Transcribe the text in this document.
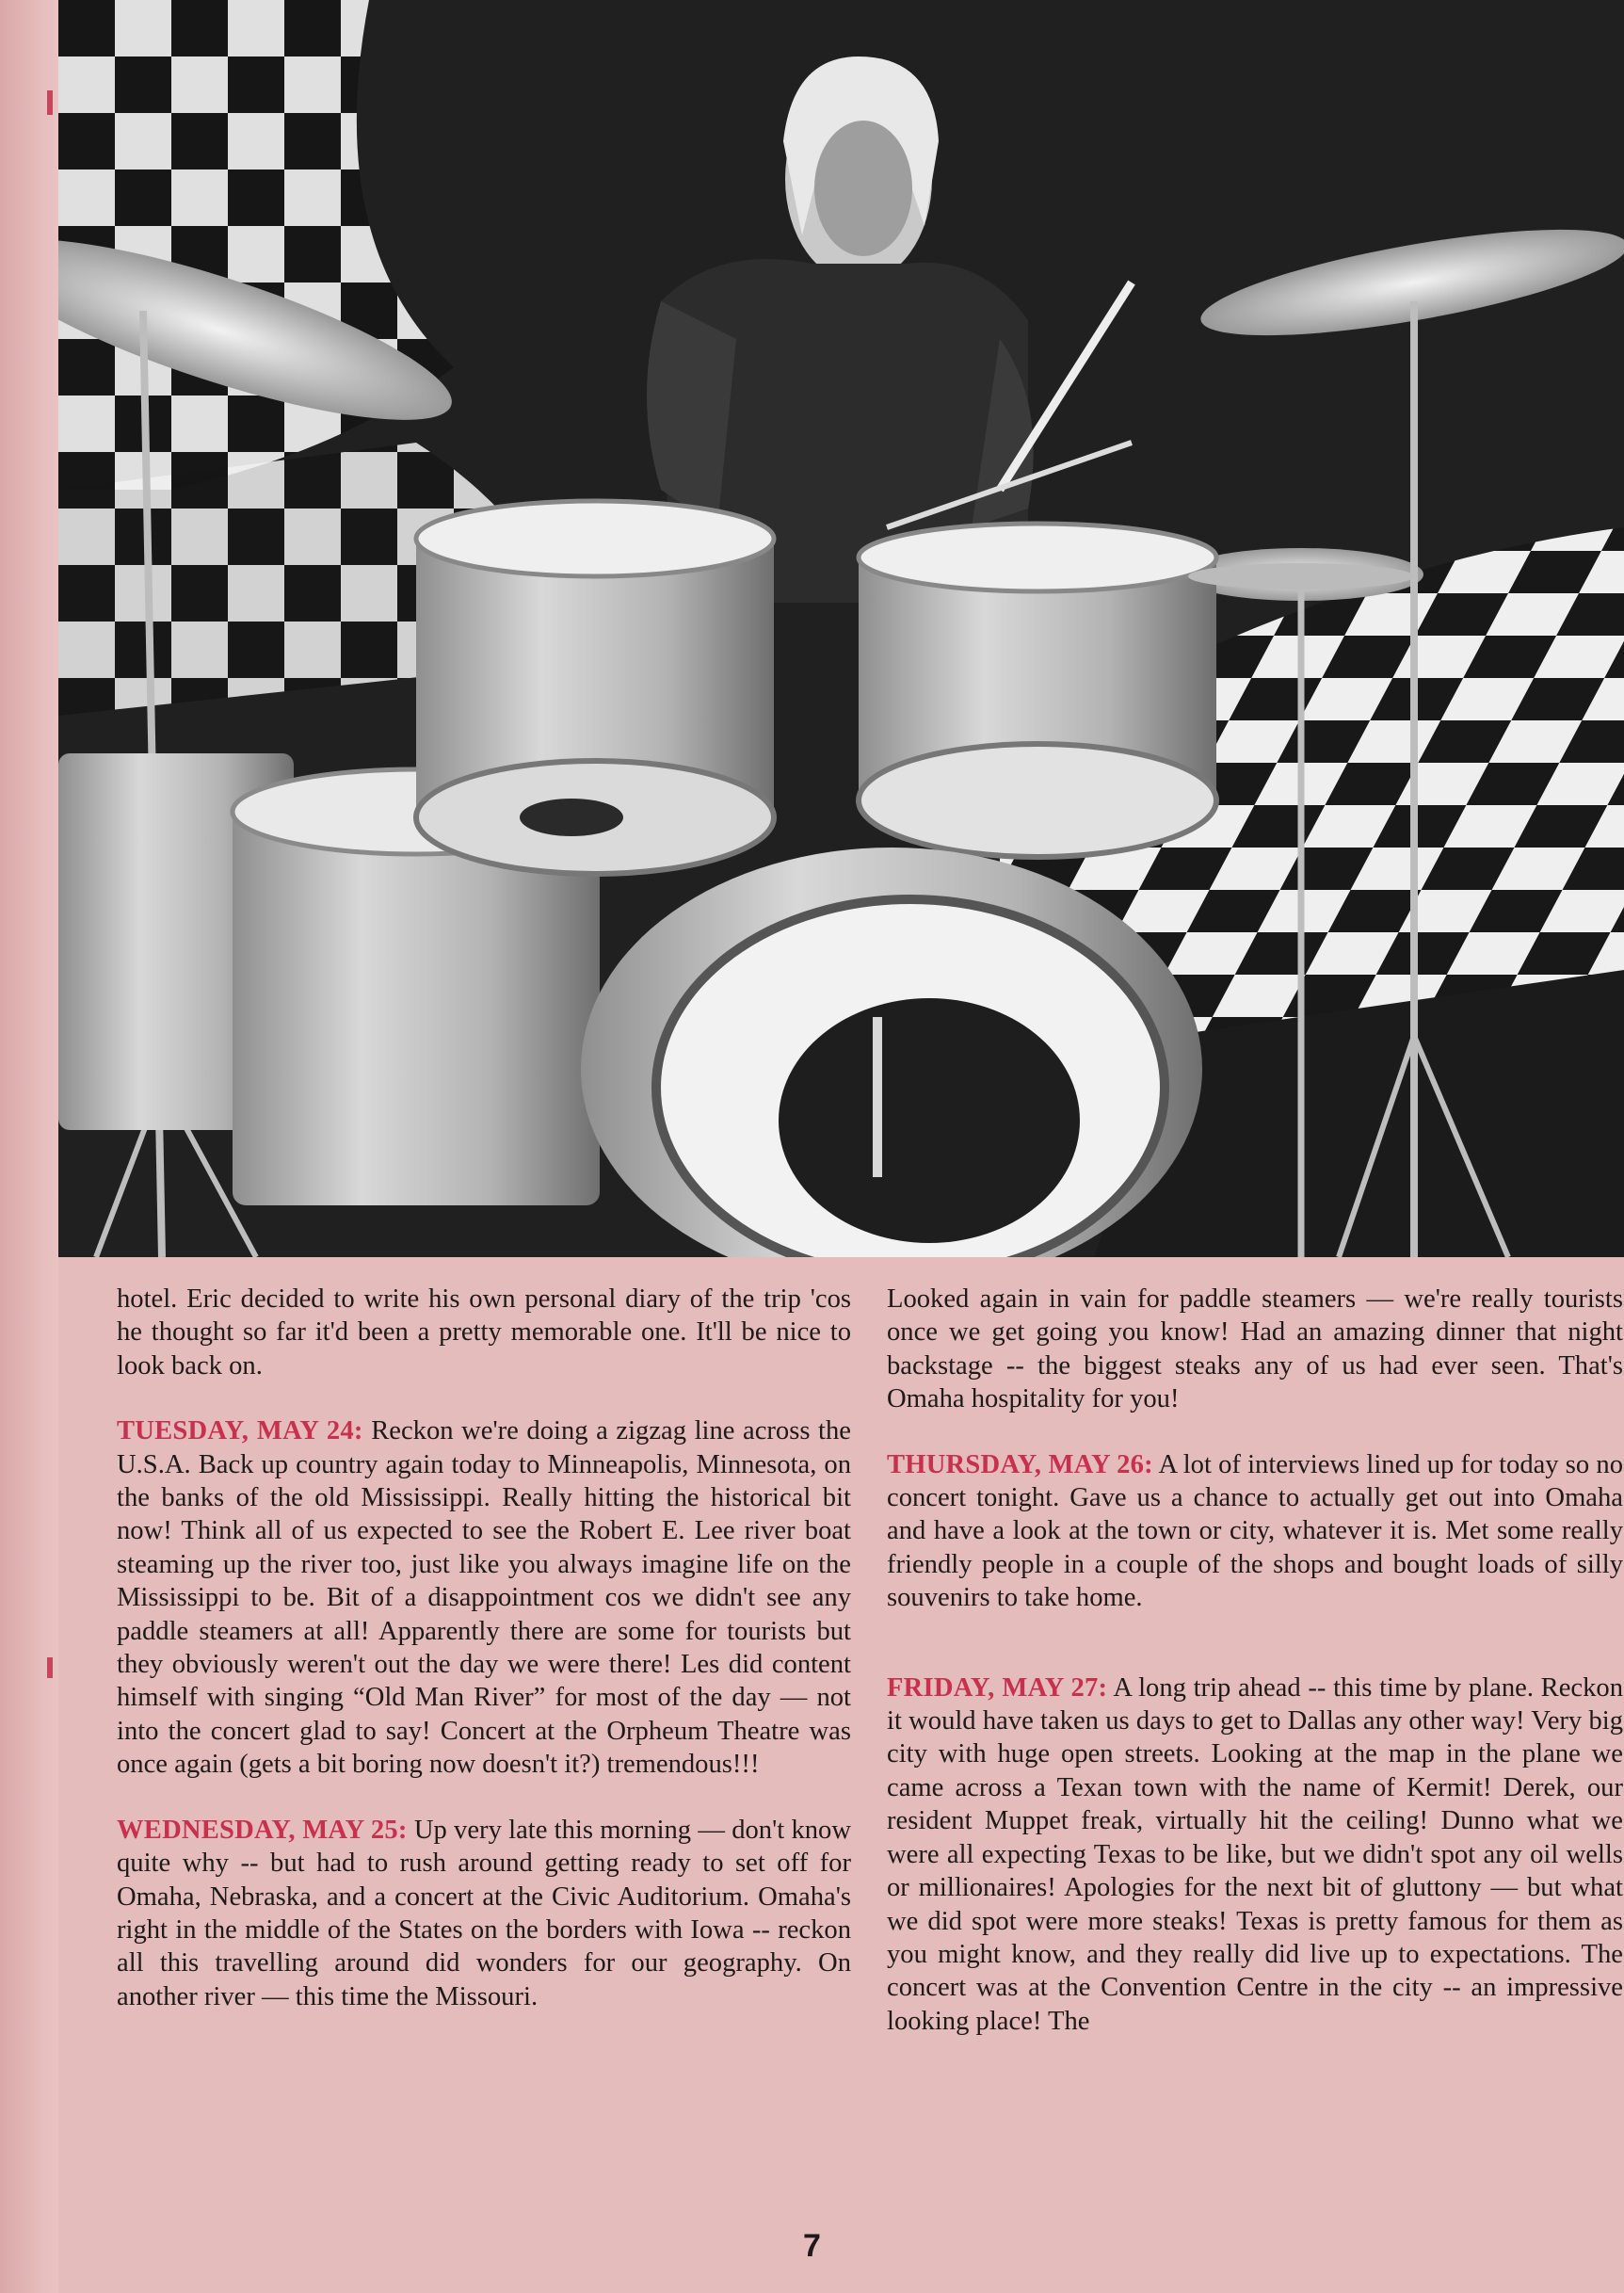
hotel. Eric decided to write his own personal diary of the trip 'cos he thought so far it'd been a pretty memorable one. It'll be nice to look back on.

TUESDAY, MAY 24: Reckon we're doing a zigzag line across the U.S.A. Back up country again today to Minneapolis, Minnesota, on the banks of the old Mississippi. Really hitting the historical bit now! Think all of us expected to see the Robert E. Lee river boat steaming up the river too, just like you always imagine life on the Mississippi to be. Bit of a disappointment cos we didn't see any paddle steamers at all! Apparently there are some for tourists but they obviously weren't out the day we were there! Les did content himself with singing “Old Man River” for most of the day — not into the concert glad to say! Concert at the Orpheum Theatre was once again (gets a bit boring now doesn't it?) tremendous!!!

WEDNESDAY, MAY 25: Up very late this morning — don't know quite why -- but had to rush around getting ready to set off for Omaha, Nebraska, and a concert at the Civic Auditorium. Omaha's right in the middle of the States on the borders with Iowa -- reckon all this travelling around did wonders for our geography. On another river — this time the Missouri.

Looked again in vain for paddle steamers — we're really tourists once we get going you know! Had an amazing dinner that night backstage -- the biggest steaks any of us had ever seen. That's Omaha hospitality for you!

THURSDAY, MAY 26: A lot of interviews lined up for today so no concert tonight. Gave us a chance to actually get out into Omaha and have a look at the town or city, whatever it is. Met some really friendly people in a couple of the shops and bought loads of silly souvenirs to take home.

FRIDAY, MAY 27: A long trip ahead -- this time by plane. Reckon it would have taken us days to get to Dallas any other way! Very big city with huge open streets. Looking at the map in the plane we came across a Texan town with the name of Kermit! Derek, our resident Muppet freak, virtually hit the ceiling! Dunno what we were all expecting Texas to be like, but we didn't spot any oil wells or millionaires! Apologies for the next bit of gluttony — but what we did spot were more steaks! Texas is pretty famous for them as you might know, and they really did live up to expectations. The concert was at the Convention Centre in the city -- an impressive looking place! The

7
